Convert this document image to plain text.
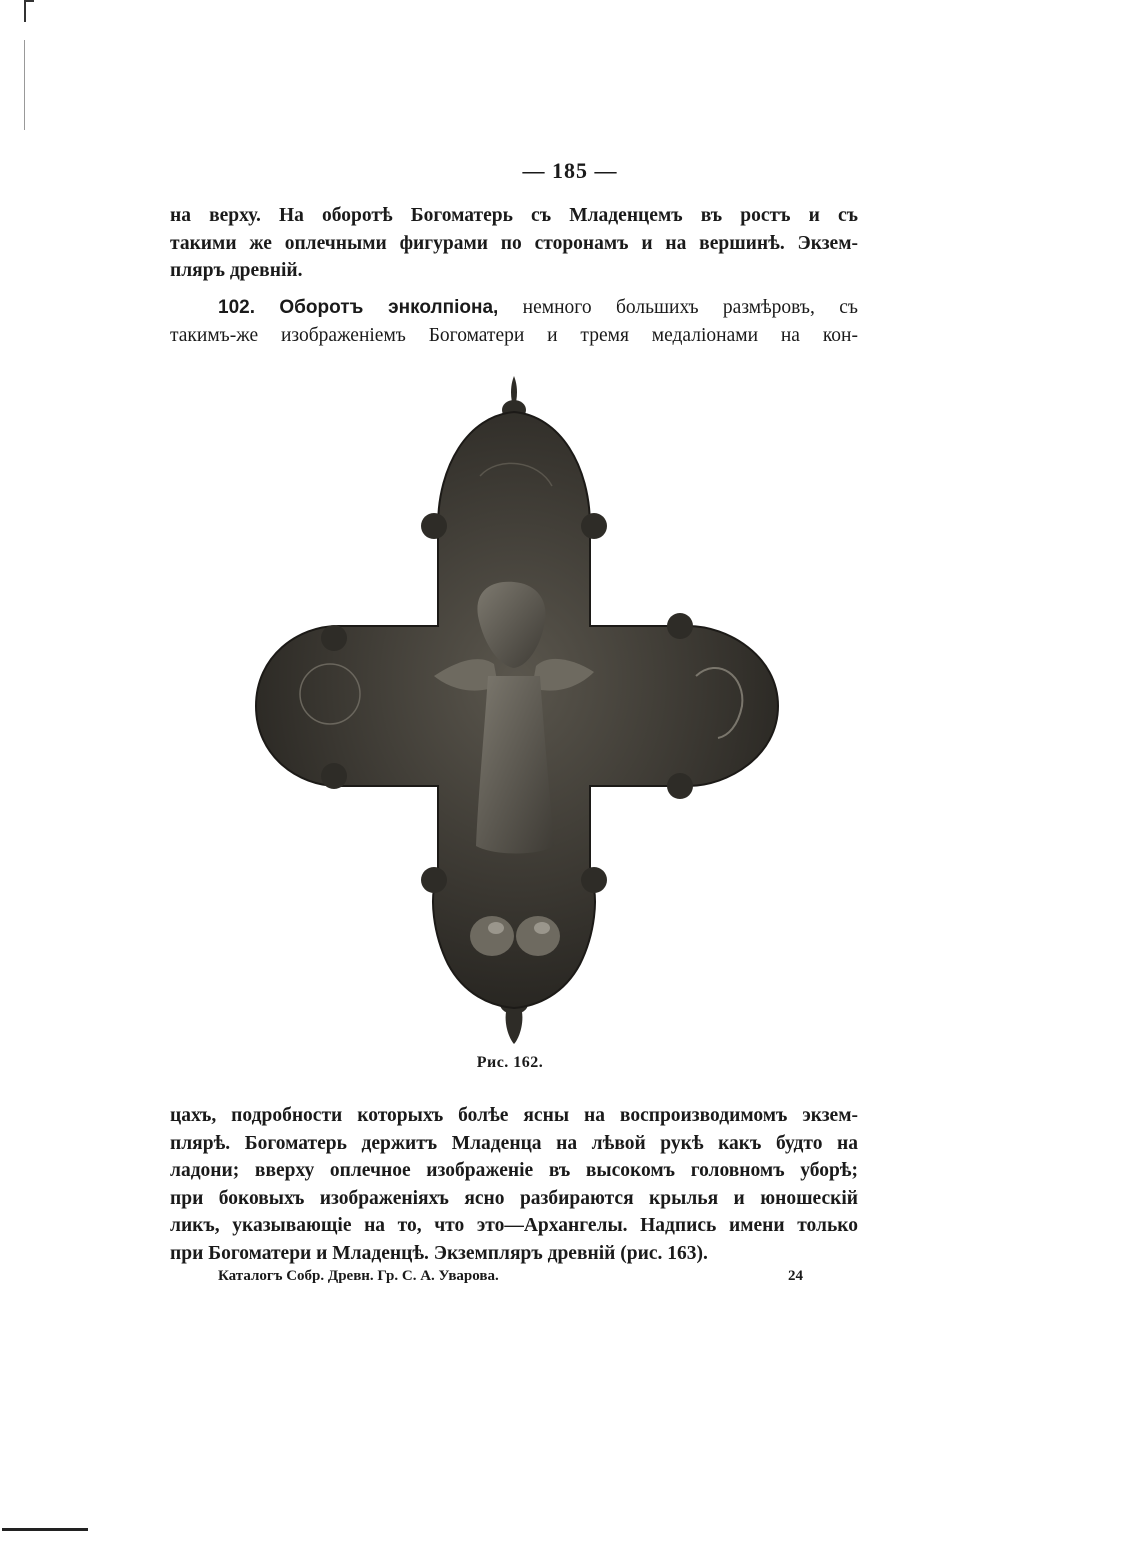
— 185 —
на верху. На оборотѣ Богоматерь съ Младенцемъ въ ростъ и съ
такими же оплечными фигурами по сторонамъ и на вершинѣ. Экзем-
пляръ древній.
102. Оборотъ энколпіона, немного большихъ размѣровъ, съ
такимъ-же изображеніемъ Богоматери и тремя медаліонами на кон-
Рис. 162.
цахъ, подробности которыхъ болѣе ясны на воспроизводимомъ экзем-
плярѣ. Богоматерь держитъ Младенца на лѣвой рукѣ какъ будто на
ладони; вверху оплечное изображеніе въ высокомъ головномъ уборѣ;
при боковыхъ изображеніяхъ ясно разбираются крылья и юношескій
ликъ, указывающіе на то, что это—Архангелы. Надпись имени только
при Богоматери и Младенцѣ. Экземпляръ древній (рис. 163).
Каталогъ Собр. Древн. Гр. С. А. Уварова.	24
